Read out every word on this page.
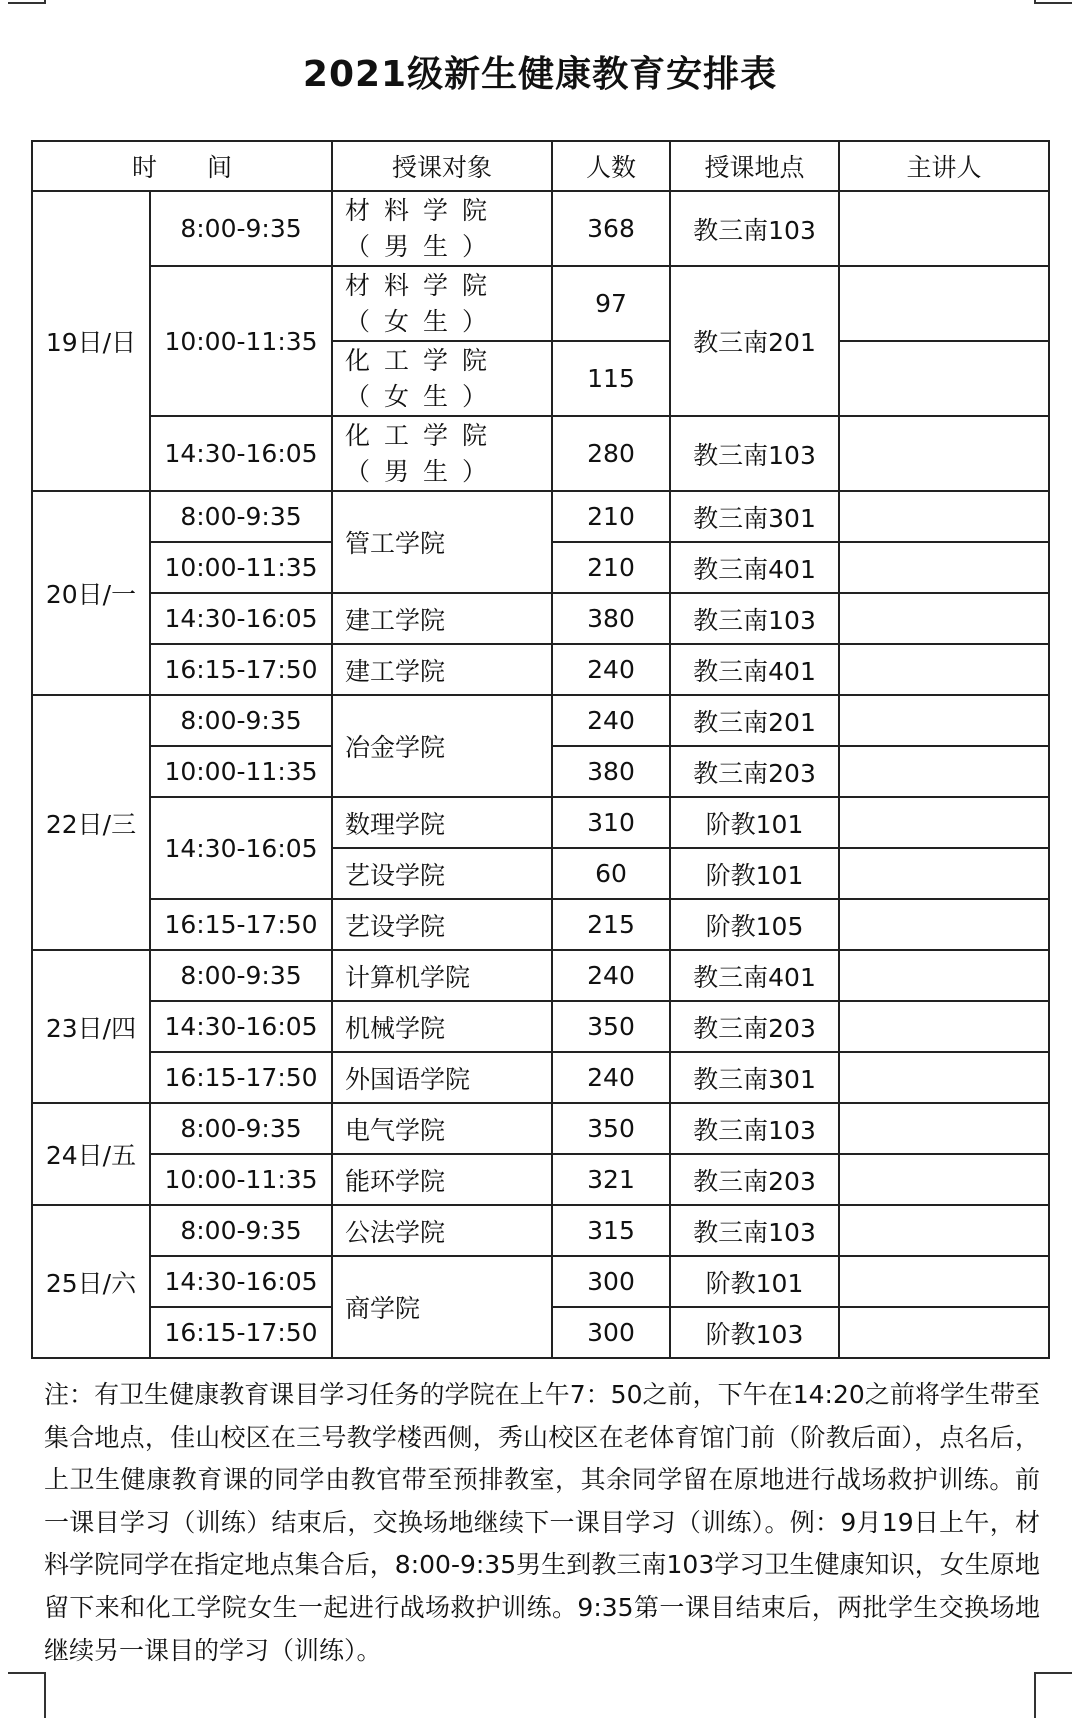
2021级新生健康教育安排表
时　　间		授课对象	人数	授课地点	主讲人
19日/日	8:00-9:35	材料学院（男生）	368	教三南103	
	10:00-11:35	材料学院（女生）	97	教三南201	
		化工学院（女生）	115		
	14:30-16:05	化工学院（男生）	280	教三南103	
20日/一	8:00-9:35	管工学院	210	教三南301	
	10:00-11:35		210	教三南401	
	14:30-16:05	建工学院	380	教三南103	
	16:15-17:50	建工学院	240	教三南401	
22日/三	8:00-9:35	冶金学院	240	教三南201	
	10:00-11:35		380	教三南203	
	14:30-16:05	数理学院	310	阶教101	
		艺设学院	60	阶教101	
	16:15-17:50	艺设学院	215	阶教105	
23日/四	8:00-9:35	计算机学院	240	教三南401	
	14:30-16:05	机械学院	350	教三南203	
	16:15-17:50	外国语学院	240	教三南301	
24日/五	8:00-9:35	电气学院	350	教三南103	
	10:00-11:35	能环学院	321	教三南203	
25日/六	8:00-9:35	公法学院	315	教三南103	
	14:30-16:05	商学院	300	阶教101	
	16:15-17:50		300	阶教103	
注：有卫生健康教育课目学习任务的学院在上午7：50之前，下午在14:20之前将学生带至集合地点，佳山校区在三号教学楼西侧，秀山校区在老体育馆门前（阶教后面），点名后，上卫生健康教育课的同学由教官带至预排教室，其余同学留在原地进行战场救护训练。前一课目学习（训练）结束后，交换场地继续下一课目学习（训练）。例：9月19日上午，材料学院同学在指定地点集合后，8:00-9:35男生到教三南103学习卫生健康知识，女生原地留下来和化工学院女生一起进行战场救护训练。9:35第一课目结束后，两批学生交换场地继续另一课目的学习（训练）。
